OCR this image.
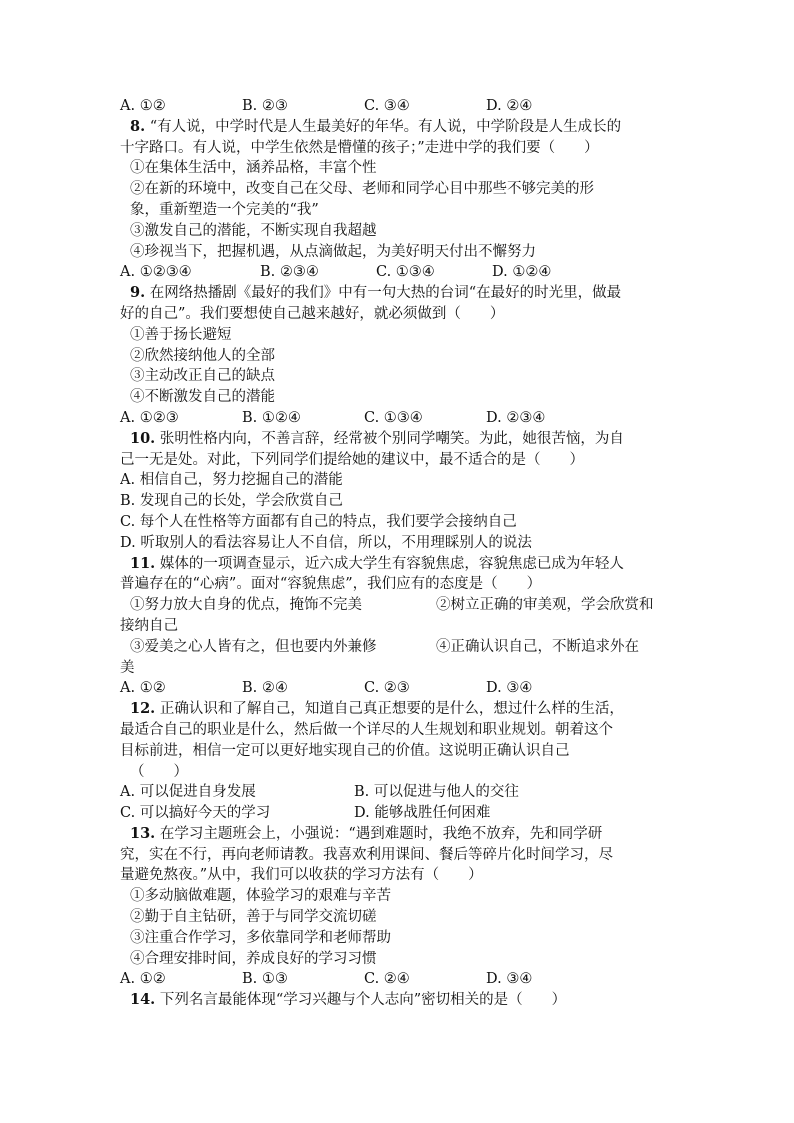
A. ①②	B. ②③	C. ③④	D. ②④
8. “有人说，中学时代是人生最美好的年华。有人说，中学阶段是人生成长的
十字路口。有人说，中学生依然是懵懂的孩子；”走进中学的我们要（　　）
①在集体生活中，涵养品格，丰富个性
②在新的环境中，改变自己在父母、老师和同学心目中那些不够完美的形
象，重新塑造一个完美的“我”
③激发自己的潜能，不断实现自我超越
④珍视当下，把握机遇，从点滴做起，为美好明天付出不懈努力
A. ①②③④	B. ②③④	C. ①③④	D. ①②④
9. 在网络热播剧《最好的我们》中有一句大热的台词“在最好的时光里，做最
好的自己”。我们要想使自己越来越好，就必须做到（　　）
①善于扬长避短
②欣然接纳他人的全部
③主动改正自己的缺点
④不断激发自己的潜能
A. ①②③	B. ①②④	C. ①③④	D. ②③④
10. 张明性格内向，不善言辞，经常被个别同学嘲笑。为此，她很苦恼，为自
己一无是处。对此，下列同学们提给她的建议中，最不适合的是（　　）
A. 相信自己，努力挖掘自己的潜能
B. 发现自己的长处，学会欣赏自己
C. 每个人在性格等方面都有自己的特点，我们要学会接纳自己
D. 听取别人的看法容易让人不自信，所以，不用理睬别人的说法
11. 媒体的一项调查显示，近六成大学生有容貌焦虑，容貌焦虑已成为年轻人
普遍存在的“心病”。面对“容貌焦虑”，我们应有的态度是（　　）
①努力放大自身的优点，掩饰不完美	②树立正确的审美观，学会欣赏和
接纳自己
③爱美之心人皆有之，但也要内外兼修	④正确认识自己，不断追求外在
美
A. ①②	B. ②④	C. ②③	D. ③④
12. 正确认识和了解自己，知道自己真正想要的是什么，想过什么样的生活，
最适合自己的职业是什么，然后做一个详尽的人生规划和职业规划。朝着这个
目标前进，相信一定可以更好地实现自己的价值。这说明正确认识自己
（　　）
A. 可以促进自身发展	B. 可以促进与他人的交往
C. 可以搞好今天的学习	D. 能够战胜任何困难
13. 在学习主题班会上，小强说：“遇到难题时，我绝不放弃，先和同学研
究，实在不行，再向老师请教。我喜欢利用课间、餐后等碎片化时间学习，尽
量避免熬夜。”从中，我们可以收获的学习方法有（　　）
①多动脑做难题，体验学习的艰难与辛苦
②勤于自主钻研，善于与同学交流切磋
③注重合作学习，多依靠同学和老师帮助
④合理安排时间，养成良好的学习习惯
A. ①②	B. ①③	C. ②④	D. ③④
14. 下列名言最能体现“学习兴趣与个人志向”密切相关的是（　　）
